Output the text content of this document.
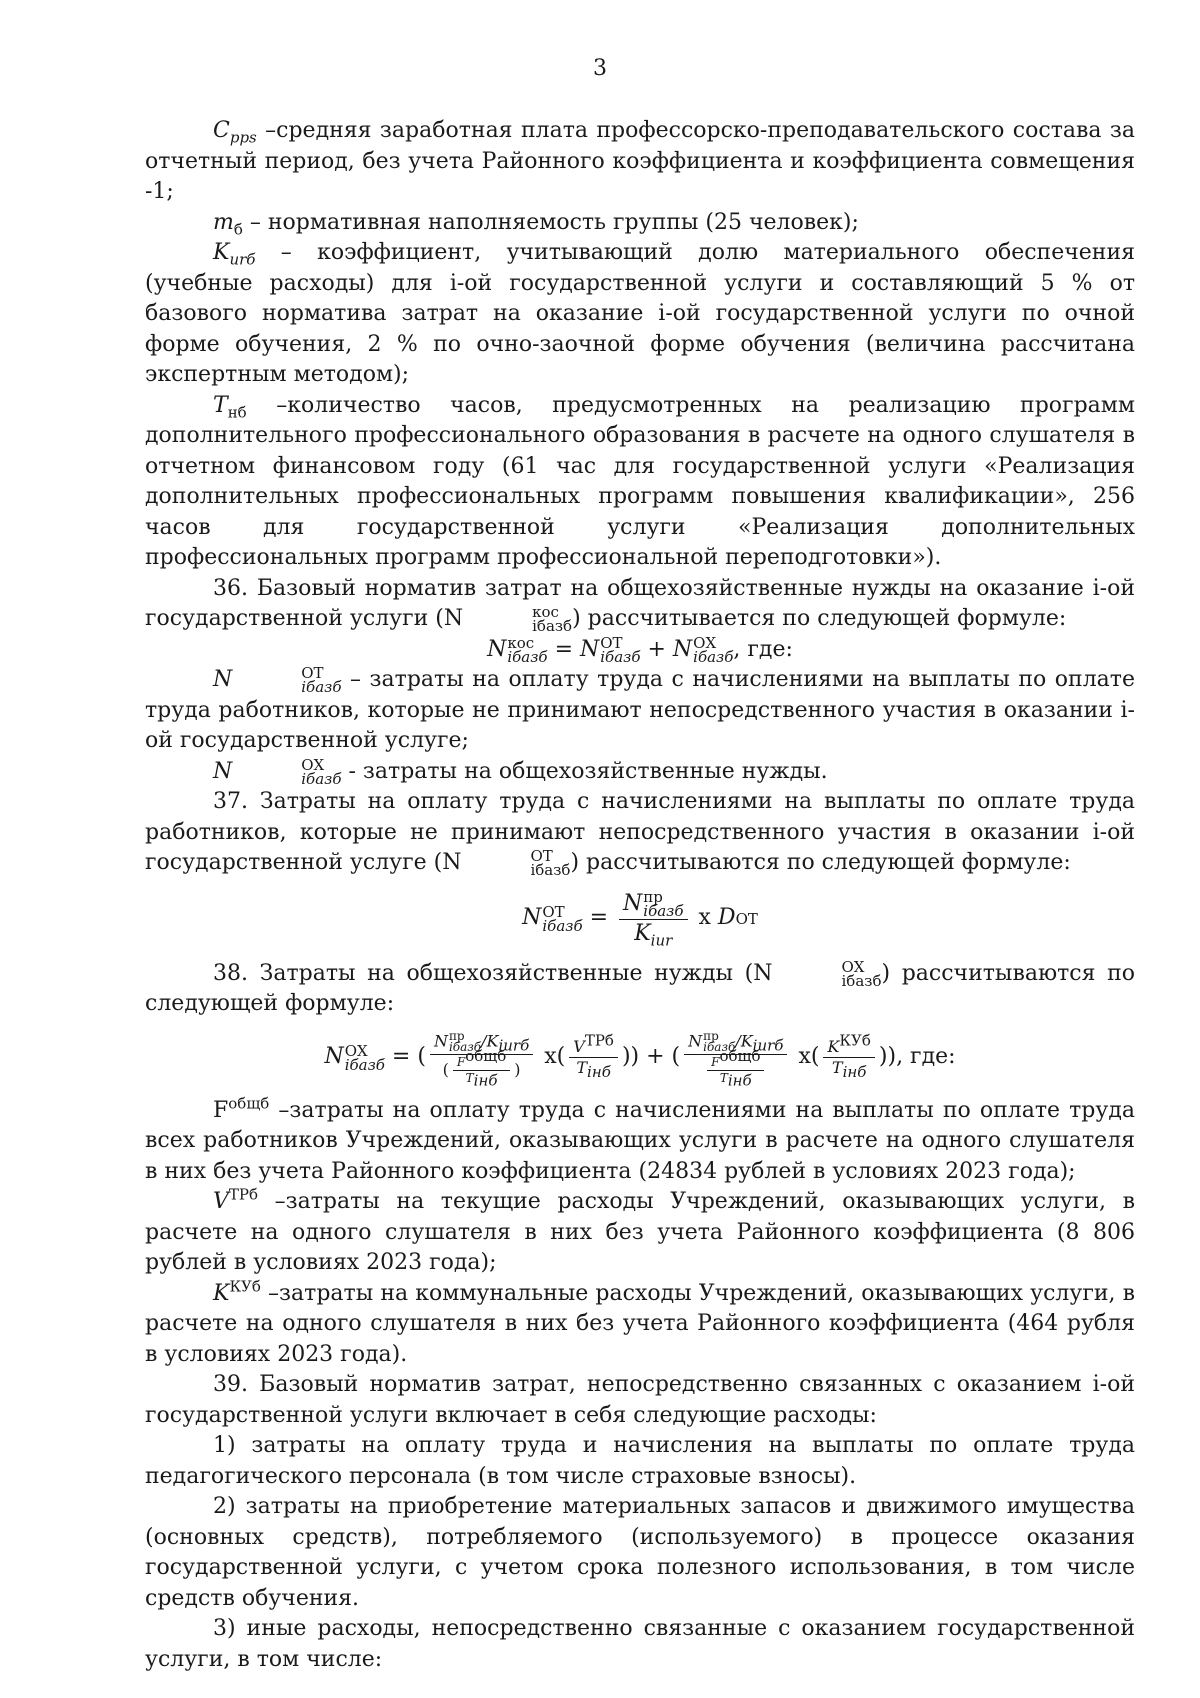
3

$C_{pps}$ –средняя заработная плата профессорско-преподавательского состава за отчетный период, без учета Районного коэффициента и коэффициента совмещения -1;

$m_б$ – нормативная наполняемость группы (25 человек);

$K_{urб}$ – коэффициент, учитывающий долю материального обеспечения (учебные расходы) для i-ой государственной услуги и составляющий 5 % от базового норматива затрат на оказание i-ой государственной услуги по очной форме обучения, 2 % по очно-заочной форме обучения (величина рассчитана экспертным методом);

$T_{нб}$ –количество часов, предусмотренных на реализацию программ дополнительного профессионального образования в расчете на одного слушателя в отчетном финансовом году (61 час для государственной услуги «Реализация дополнительных профессиональных программ повышения квалификации», 256 часов для государственной услуги «Реализация дополнительных профессиональных программ профессиональной переподготовки»).

36. Базовый норматив затрат на общехозяйственные нужды на оказание i-ой государственной услуги (N	кос
iбазб ) рассчитывается по следующей формуле:

N кос
iбазб = N ОТ
iбазб + N ОХ
iбазб , где:

N	ОТ
iбазб – затраты на оплату труда с начислениями на выплаты по оплате труда работников, которые не принимают непосредственного участия в оказании i-ой государственной услуге;

N	ОХ
iбазб - затраты на общехозяйственные нужды.

37. Затраты на оплату труда с начислениями на выплаты по оплате труда работников, которые не принимают непосредственного участия в оказании i-ой государственной услуге (N	ОТ
iбазб ) рассчитываются по следующей формуле:

N ОТ
iбазб = N пр
iбазб
$K_{iur}$ x D ОТ

38. Затраты на общехозяйственные нужды (N	ОХ
iбазб ) рассчитываются по следующей формуле:

N ОХ
iбазб = ( N пр
iбазб $/K_{iurб}$
( $\frac{F^{общб}}{T_{iнб}}$ ) x ( $\frac{V^{ТРб}}{T_{iнб}}$ )) + ( N пр
iбазб $/K_{iurб}$
$\frac{F^{общб}}{T_{iнб}}$ x ( $\frac{K^{КУб}}{T_{iнб}}$ )), где:

$F^{общб}$ –затраты на оплату труда с начислениями на выплаты по оплате труда всех работников Учреждений, оказывающих услуги в расчете на одного слушателя в них без учета Районного коэффициента (24834 рублей в условиях 2023 года);

$V^{ТРб}$ –затраты на текущие расходы Учреждений, оказывающих услуги, в расчете на одного слушателя в них без учета Районного коэффициента (8 806 рублей в условиях 2023 года);

$K^{КУб}$ –затраты на коммунальные расходы Учреждений, оказывающих услуги, в расчете на одного слушателя в них без учета Районного коэффициента (464 рубля в условиях 2023 года).

39. Базовый норматив затрат, непосредственно связанных с оказанием i-ой государственной услуги включает в себя следующие расходы:

1) затраты на оплату труда и начисления на выплаты по оплате труда педагогического персонала (в том числе страховые взносы).

2) затраты на приобретение материальных запасов и движимого имущества (основных средств), потребляемого (используемого) в процессе оказания государственной услуги, с учетом срока полезного использования, в том числе средств обучения.

3) иные расходы, непосредственно связанные с оказанием государственной услуги, в том числе:
